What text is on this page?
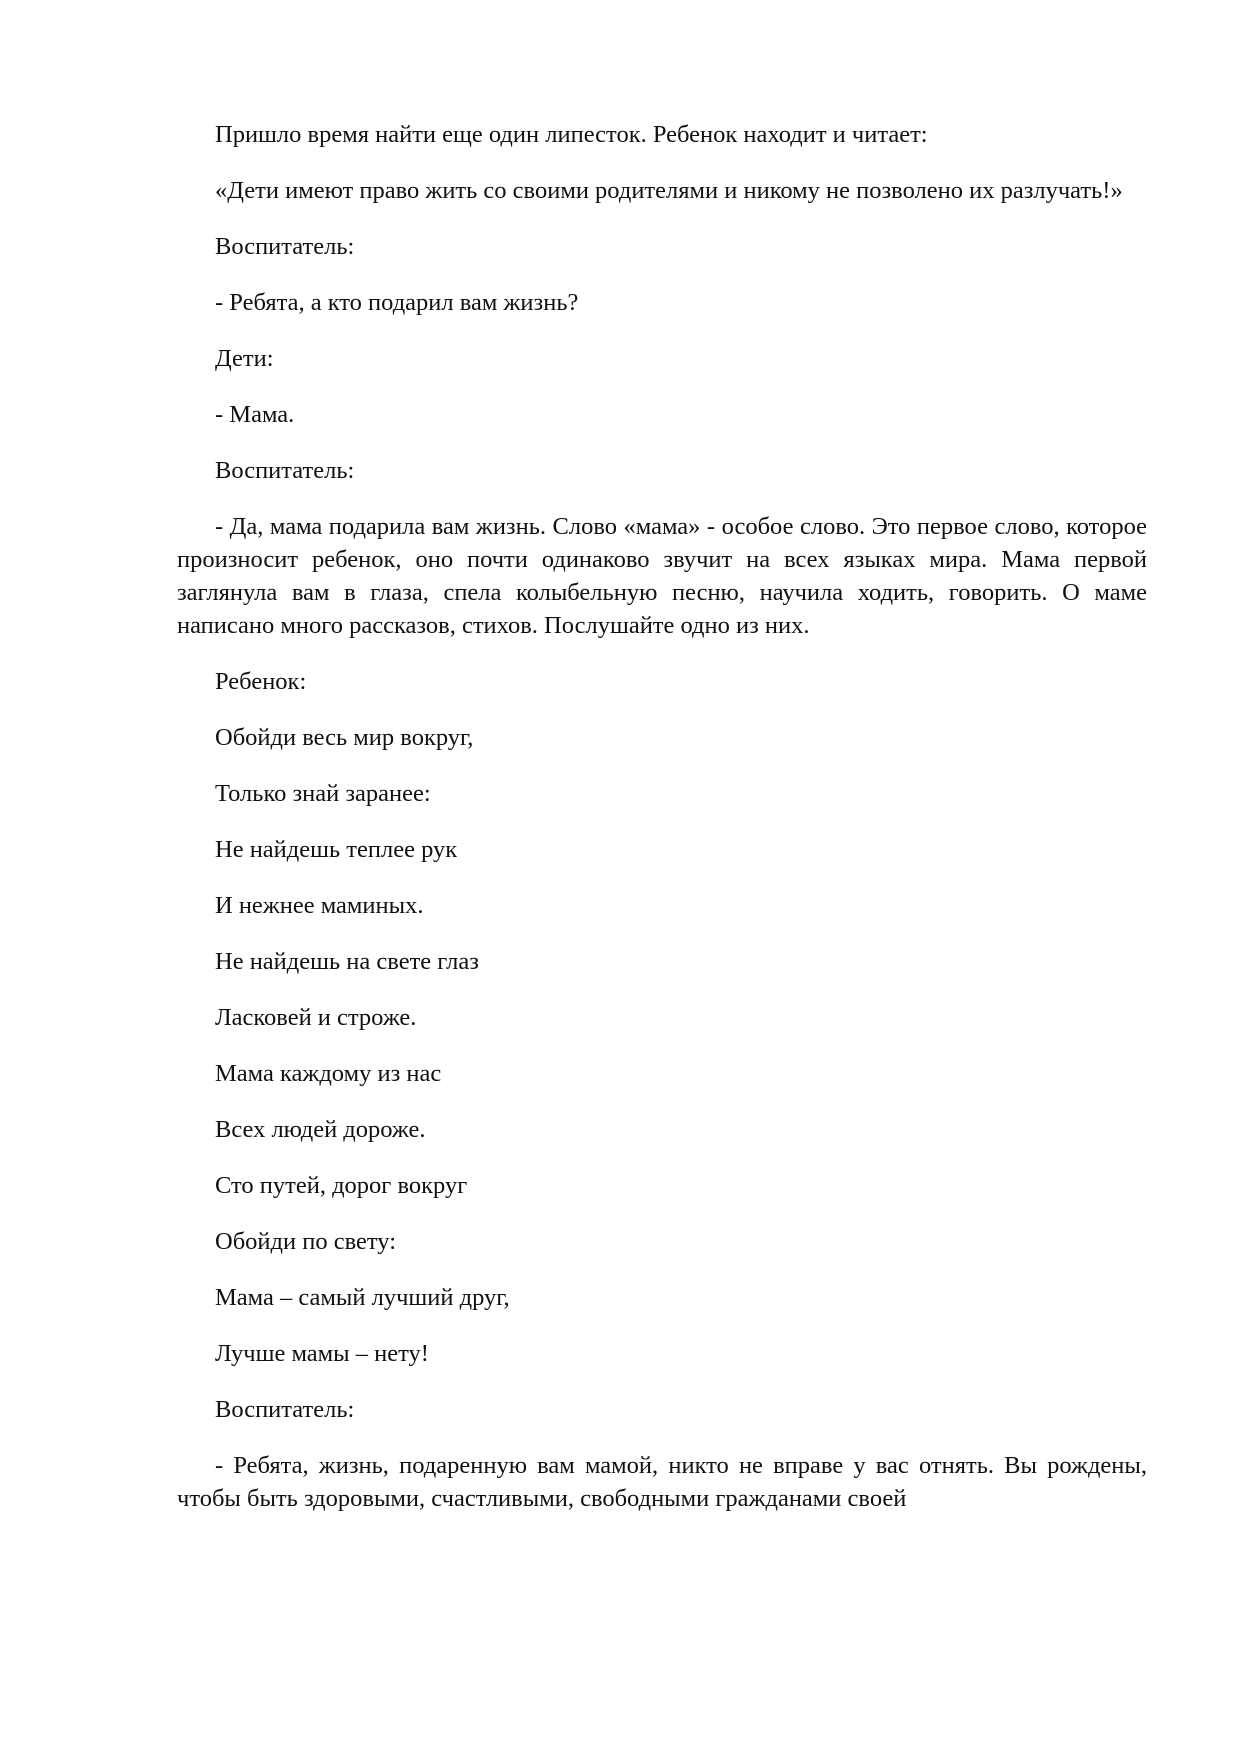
Пришло время найти еще один липесток. Ребенок находит и читает:

«Дети имеют право жить со своими родителями и никому не позволено их разлучать!»

Воспитатель:

- Ребята, а кто подарил вам жизнь?

Дети:

- Мама.

Воспитатель:

- Да, мама подарила вам жизнь. Слово «мама» - особое слово. Это первое слово, которое произносит ребенок, оно почти одинаково звучит на всех языках мира. Мама первой заглянула вам в глаза, спела колыбельную песню, научила ходить, говорить. О маме написано много рассказов, стихов. Послушайте одно из них.

Ребенок:

Обойди весь мир вокруг,

Только знай заранее:

Не найдешь теплее рук

И нежнее маминых.

Не найдешь на свете глаз

Ласковей и строже.

Мама каждому из нас

Всех людей дороже.

Сто путей, дорог вокруг

Обойди по свету:

Мама – самый лучший друг,

Лучше мамы – нету!

Воспитатель:

- Ребята, жизнь, подаренную вам мамой, никто не вправе у вас отнять. Вы рождены, чтобы быть здоровыми, счастливыми, свободными гражданами своей
